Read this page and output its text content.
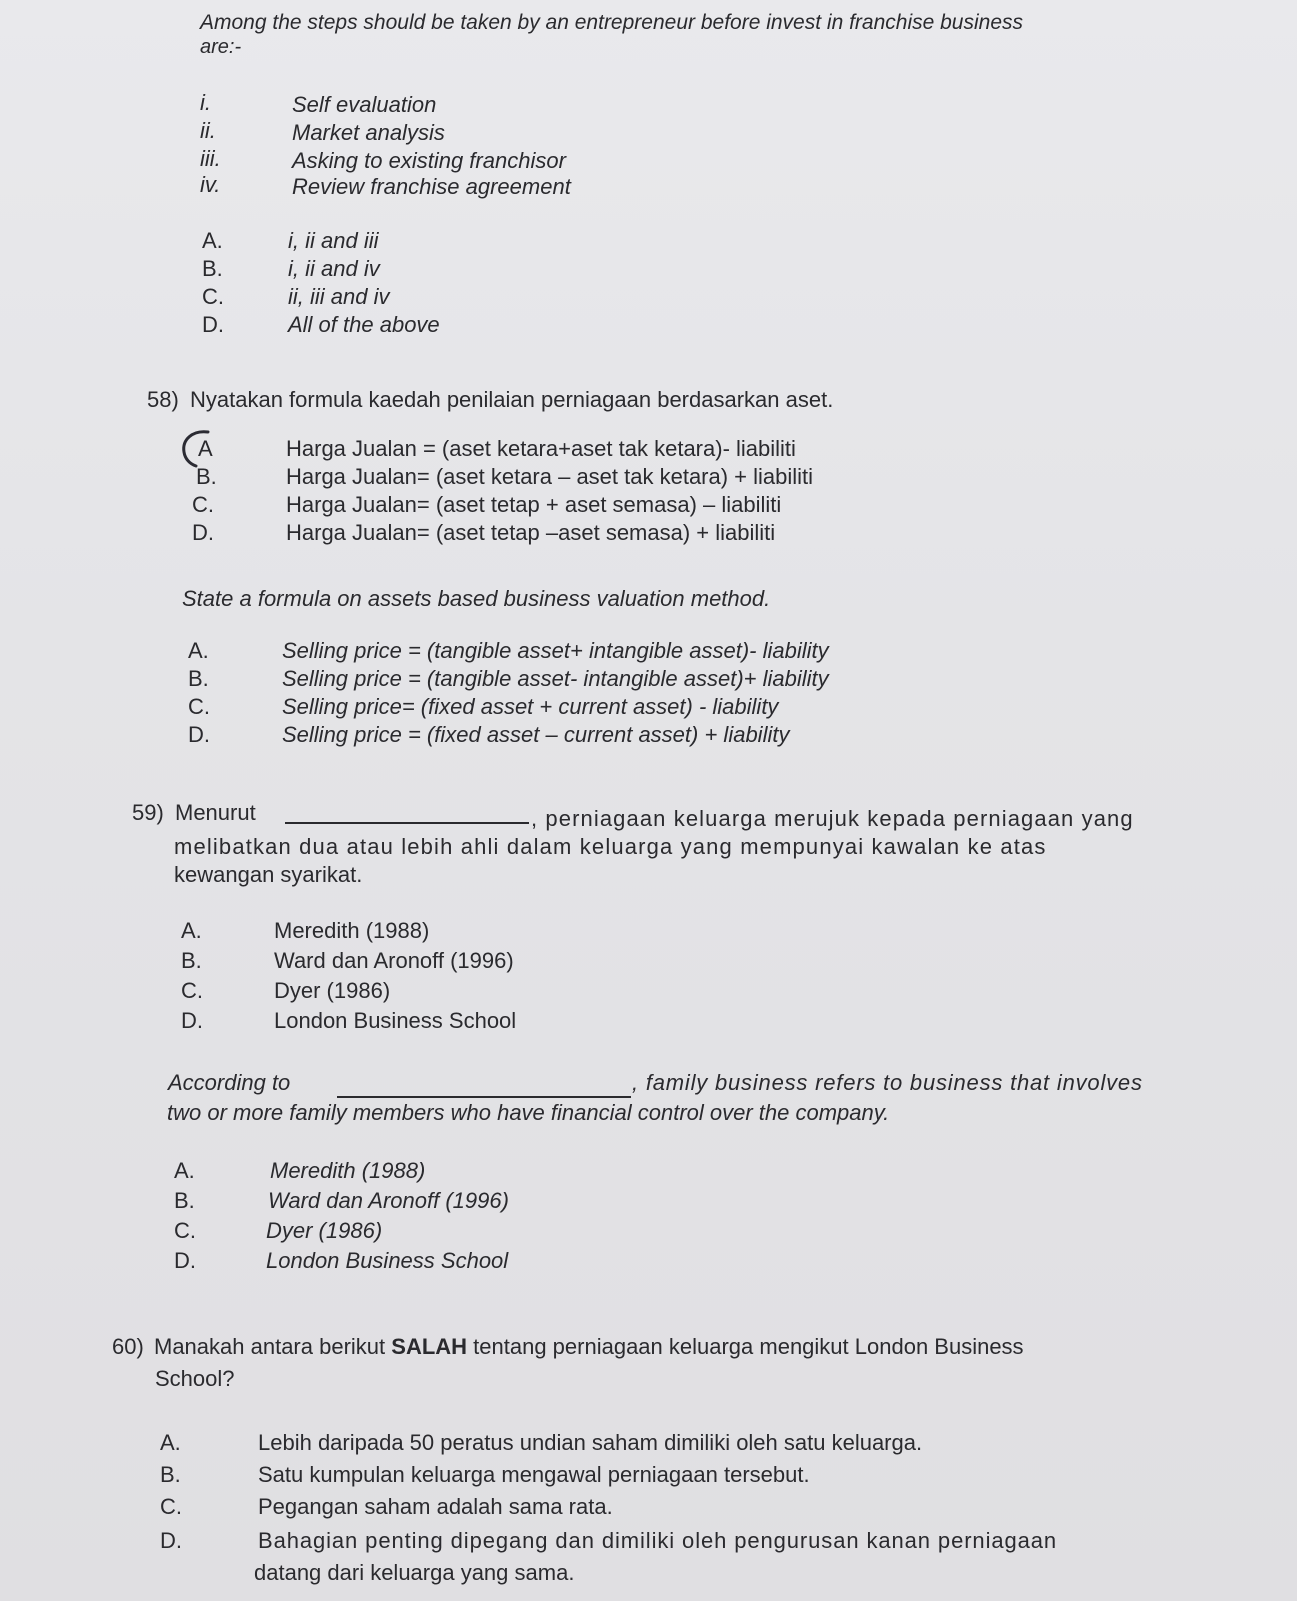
Among the steps should be taken by an entrepreneur before invest in franchise business
are:-
i.	Self evaluation
ii.	Market analysis
iii.	Asking to existing franchisor
iv.	Review franchise agreement
A.	i, ii and iii
B.	i, ii and iv
C.	ii, iii and iv
D.	All of the above
58) Nyatakan formula kaedah penilaian perniagaan berdasarkan aset.
A	Harga Jualan = (aset ketara+aset tak ketara)- liabiliti
B.	Harga Jualan= (aset ketara – aset tak ketara) + liabiliti
C.	Harga Jualan= (aset tetap + aset semasa) – liabiliti
D.	Harga Jualan= (aset tetap –aset semasa) + liabiliti
State a formula on assets based business valuation method.
A.	Selling price = (tangible asset+ intangible asset)- liability
B.	Selling price = (tangible asset- intangible asset)+ liability
C.	Selling price= (fixed asset + current asset) - liability
D.	Selling price = (fixed asset – current asset) + liability
59) Menurut	, perniagaan keluarga merujuk kepada perniagaan yang
melibatkan dua atau lebih ahli dalam keluarga yang mempunyai kawalan ke atas
kewangan syarikat.
A.	Meredith (1988)
B.	Ward dan Aronoff (1996)
C.	Dyer (1986)
D.	London Business School
According to	, family business refers to business that involves
two or more family members who have financial control over the company.
A.	Meredith (1988)
B.	Ward dan Aronoff (1996)
C.	Dyer (1986)
D.	London Business School
60) Manakah antara berikut SALAH tentang perniagaan keluarga mengikut London Business
School?
A.	Lebih daripada 50 peratus undian saham dimiliki oleh satu keluarga.
B.	Satu kumpulan keluarga mengawal perniagaan tersebut.
C.	Pegangan saham adalah sama rata.
D.	Bahagian penting dipegang dan dimiliki oleh pengurusan kanan perniagaan
datang dari keluarga yang sama.
